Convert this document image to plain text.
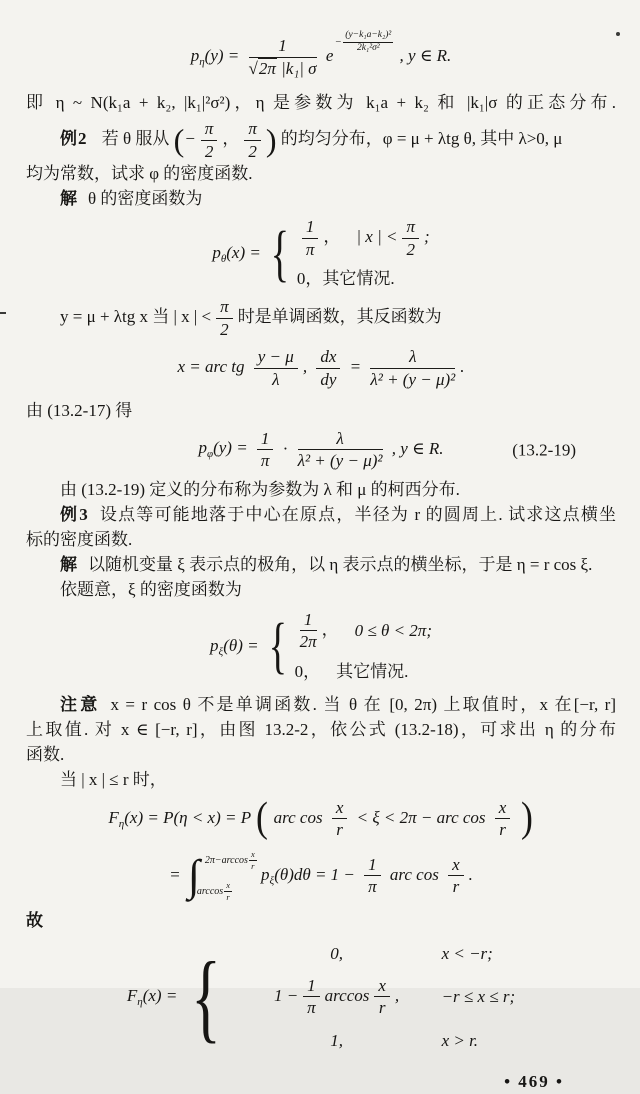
$p_\eta(y) = \frac{1}{\text{√2π |k₁| σ}} e- \frac{\text{(y−k₁a−k₂)²}}{\text{2k₁²σ²}}$
, y ∈ R.
即 η ~ N(k₁a + k₂, |k₁|²σ²)，η 是参数为 k₁a + k₂ 和 |k₁|σ 的正态分布.
例2 若 θ 服从 (− $\frac{\pi}{2}$ ， $\frac{\pi}{2}$ ) 的均匀分布，φ = μ + λtg θ, 其中 λ>0, μ
均为常数，试求 φ 的密度函数.
解 θ 的密度函数为
$p_\theta(x)$ = { $\frac{1}{\pi}$ ， | x | < $\frac{\pi}{2}$ ;
0，其它情况.
y = μ + λtg x 当 | x | < $\frac{\pi}{2}$ 时是单调函数，其反函数为
x = arc tg $\frac{y - \mu}{\lambda}$ , $\frac{dx}{dy} = \frac{\lambda}{\text{λ² + (y − μ)²}}$ .
由 (13.2-17) 得
$p_\varphi(y) = \frac{1}{\pi} \cdot \frac{\lambda}{\text{λ² + (y − μ)²}}$ , y ∈ R.	(13.2-19)
由 (13.2-19) 定义的分布称为参数为 λ 和 μ 的柯西分布.
例3 设点等可能地落于中心在原点，半径为 r 的圆周上. 试求这点横坐
标的密度函数.
解 以随机变量 ξ 表示点的极角，以 η 表示点的横坐标，于是 η = r cos ξ.
依题意，ξ 的密度函数为
$p_\xi(\theta)$ = { $\frac{1}{2\pi}$ ， 0 ≤ θ < 2π;
0， 其它情况.
注意 x = r cos θ 不是单调函数. 当 θ 在 [0, 2π) 上取值时，x 在[−r, r]
上取值. 对 x ∈ [−r, r]，由图 13.2-2，依公式 (13.2-18)，可求出 η 的分布
函数.
当 | x | ≤ r 时，
$F_\eta(x) = P(\eta < x) = P$ ( arc $\cos \frac{x}{r} < \xi < 2\pi$ − arc $\cos \frac{x}{r}$ )
= ∫ $2\pi-\arccos \frac{x}{r}$
$\arccos \frac{x}{r}$
$p_\xi(\theta)d\theta = 1 - \frac{1}{\pi}$ arc $\cos \frac{x}{r}$ .
故
$F_\eta(x)$ = {	0,	x < −r;
$1 - \frac{1}{\pi}$ $\arccos \frac{x}{r}$ ,	−r ≤ x ≤ r;
1,	x > r.
• 469 •
